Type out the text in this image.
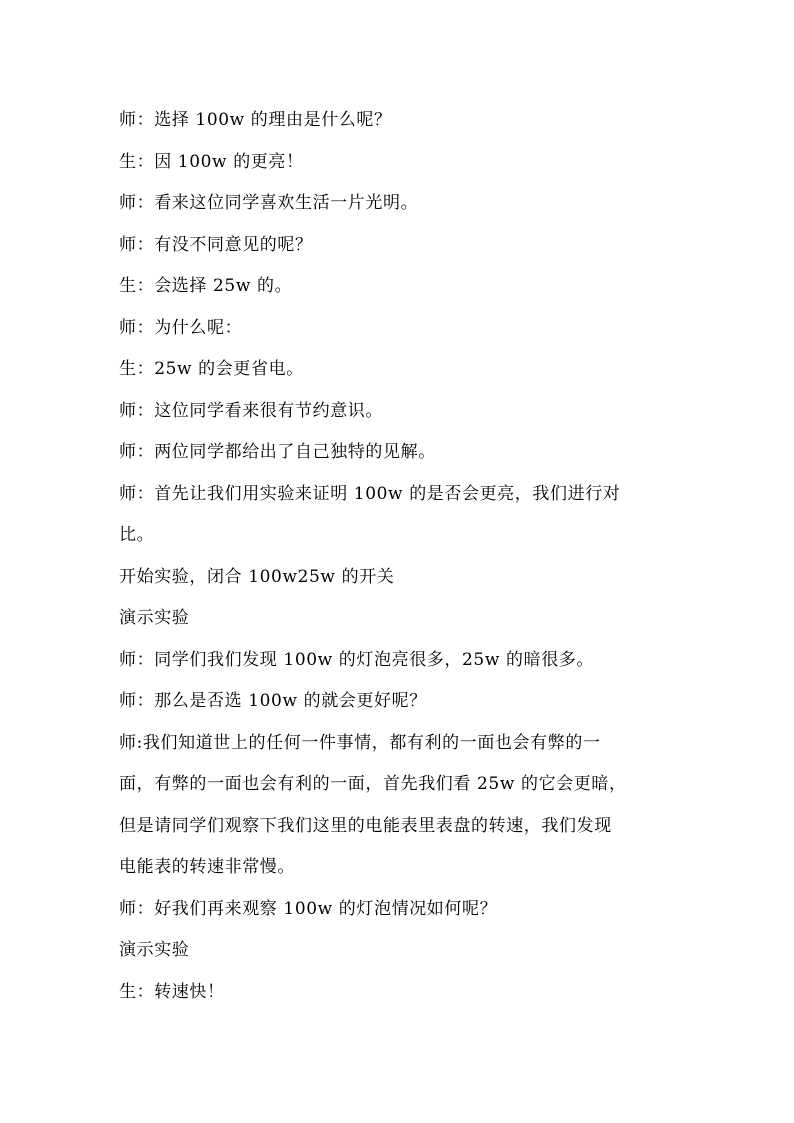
师：选择 100w 的理由是什么呢？
生：因 100w 的更亮！
师：看来这位同学喜欢生活一片光明。
师：有没不同意见的呢？
生：会选择 25w 的。
师：为什么呢：
生：25w 的会更省电。
师：这位同学看来很有节约意识。
师：两位同学都给出了自己独特的见解。
师：首先让我们用实验来证明 100w 的是否会更亮，我们进行对
比。
开始实验，闭合 100w25w 的开关
演示实验
师：同学们我们发现 100w 的灯泡亮很多，25w 的暗很多。
师：那么是否选 100w 的就会更好呢？
师:我们知道世上的任何一件事情，都有利的一面也会有弊的一
面，有弊的一面也会有利的一面，首先我们看 25w 的它会更暗，
但是请同学们观察下我们这里的电能表里表盘的转速，我们发现
电能表的转速非常慢。
师：好我们再来观察 100w 的灯泡情况如何呢？
演示实验
生：转速快！
